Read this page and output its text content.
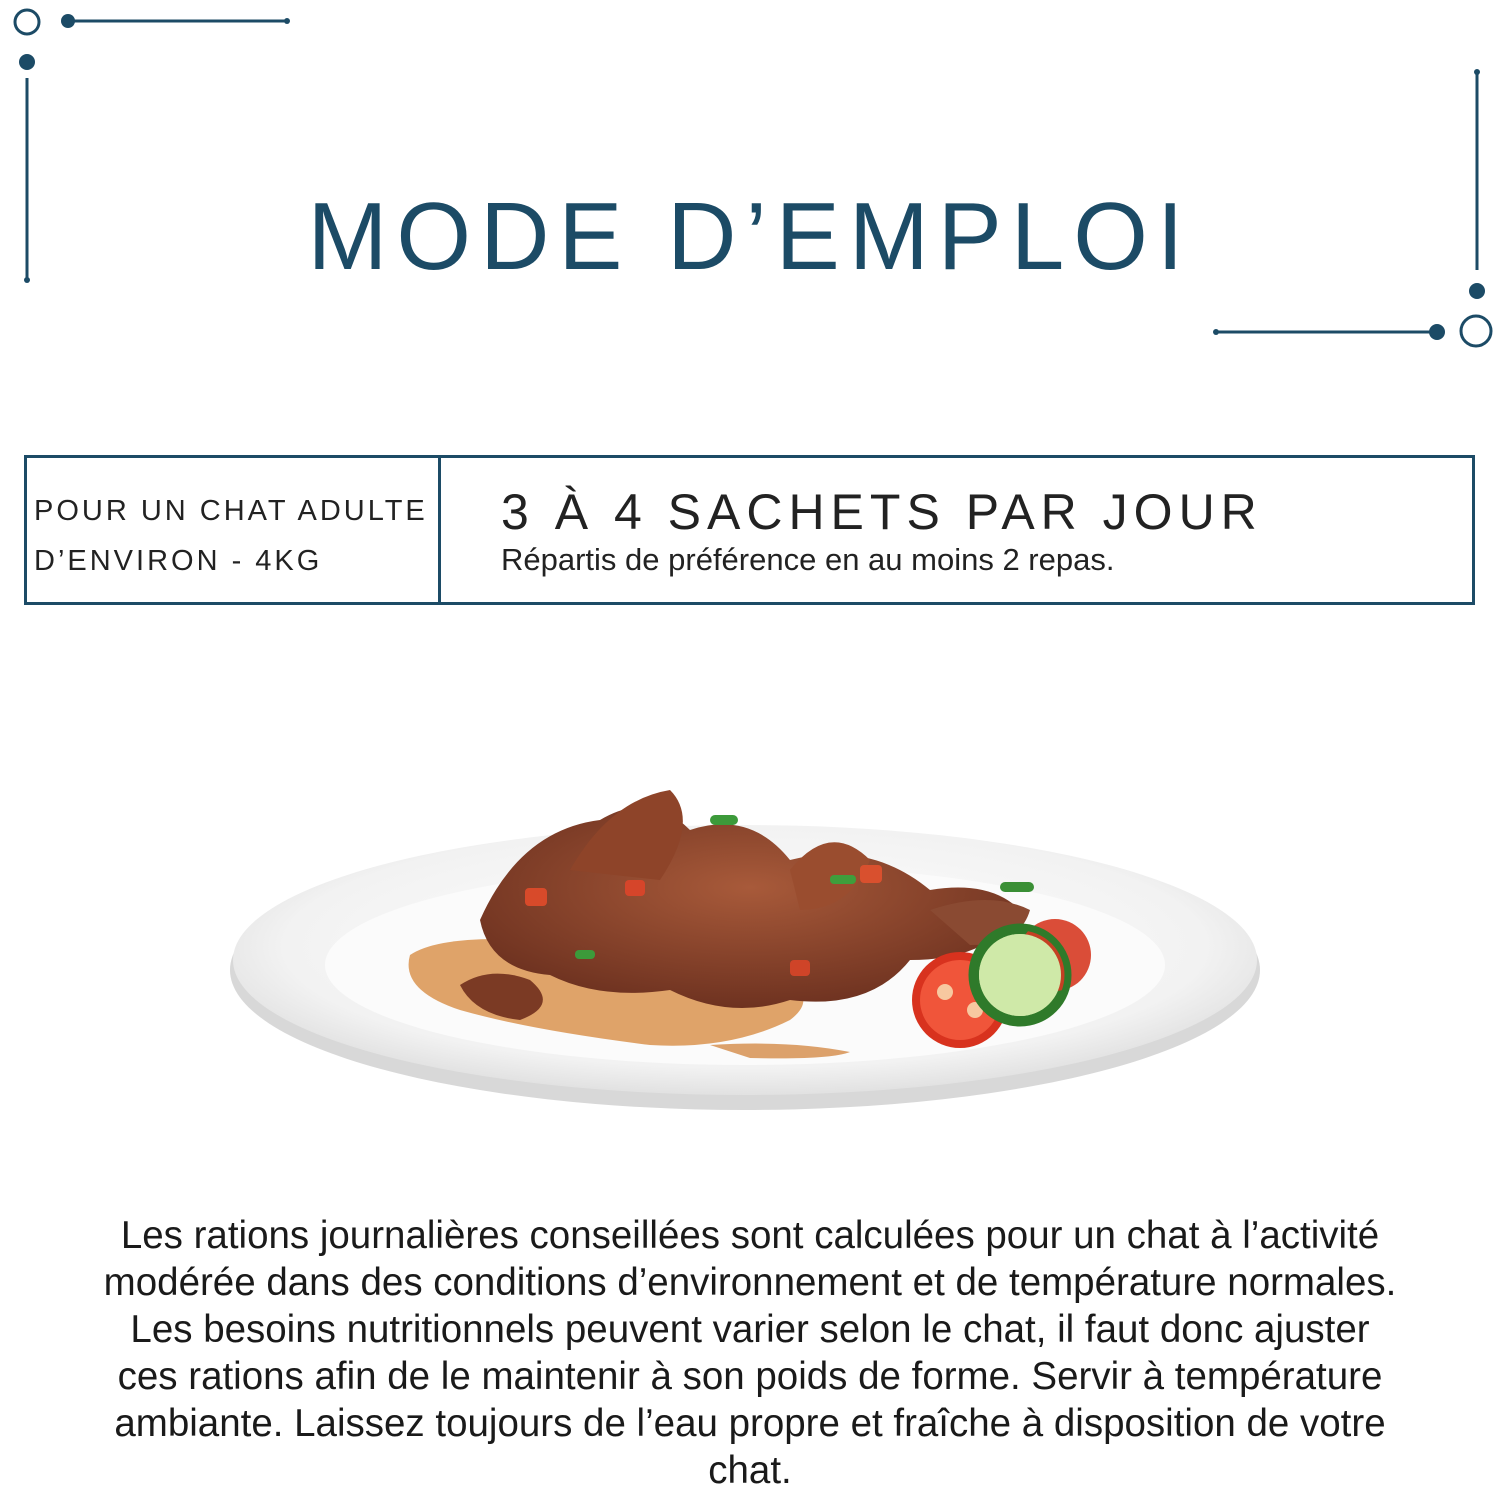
MODE D’EMPLOI
POUR UN CHAT ADULTE
D’ENVIRON - 4KG
3 À 4 SACHETS PAR JOUR
Répartis de préférence en au moins 2 repas.
Les rations journalières conseillées sont calculées pour un chat à l’activité
modérée dans des conditions d’environnement et de température normales.
Les besoins nutritionnels peuvent varier selon le chat, il faut donc ajuster
ces rations afin de le maintenir à son poids de forme. Servir à température
ambiante. Laissez toujours de l’eau propre et fraîche à disposition de votre
chat.
